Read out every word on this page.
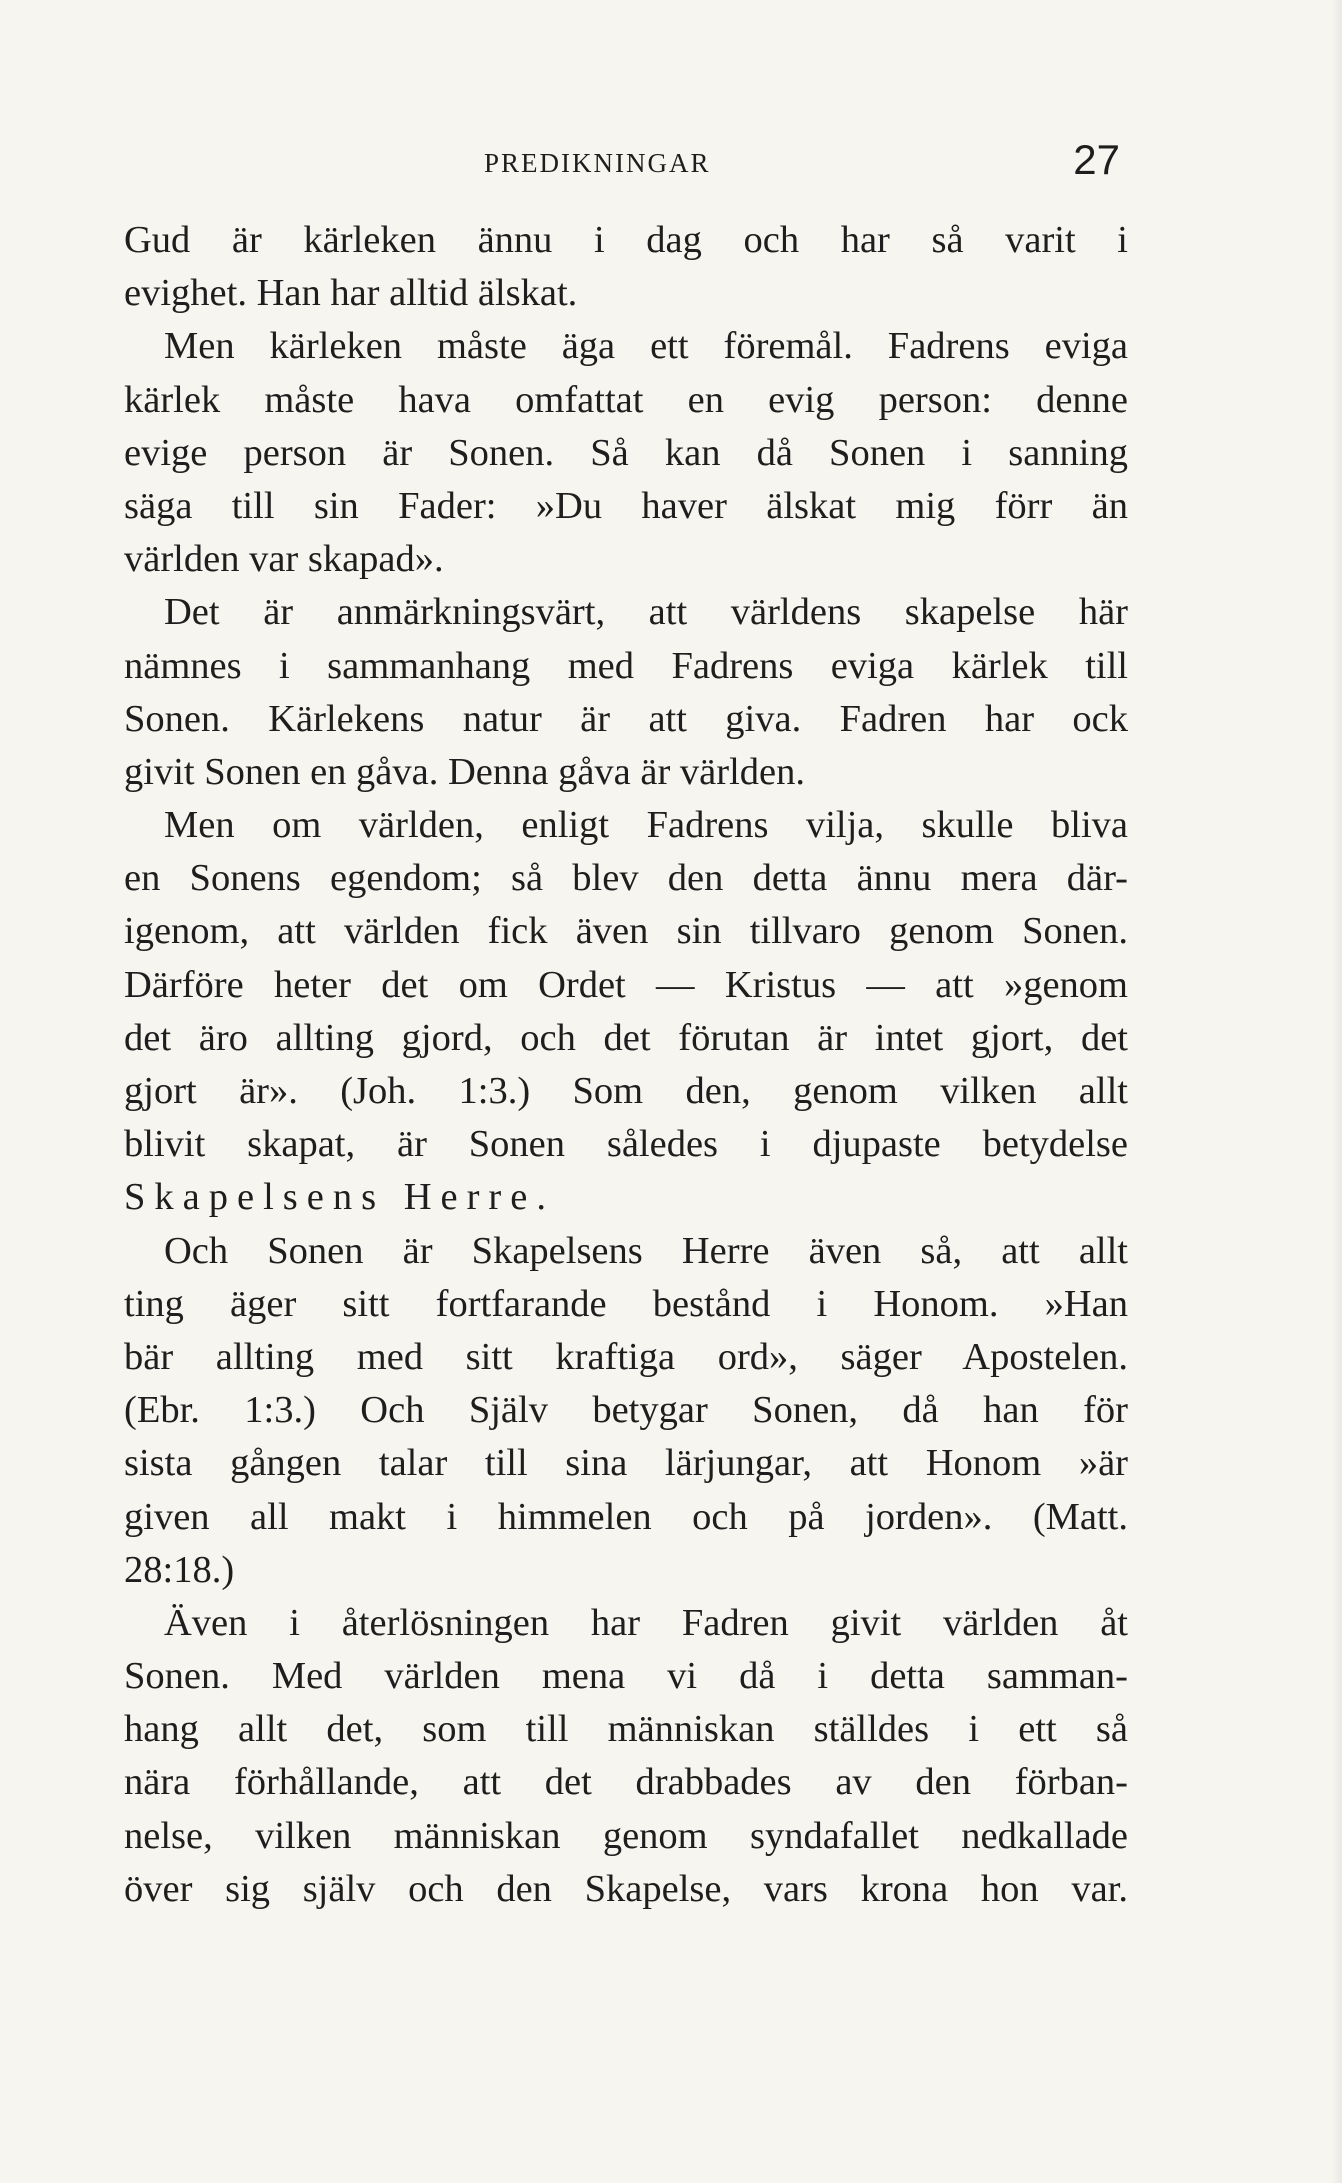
PREDIKNINGAR	27
Gud är kärleken ännu i dag och har så varit i
evighet. Han har alltid älskat.
Men kärleken måste äga ett föremål. Fadrens eviga
kärlek måste hava omfattat en evig person: denne
evige person är Sonen. Så kan då Sonen i sanning
säga till sin Fader: »Du haver älskat mig förr än
världen var skapad».
Det är anmärkningsvärt, att världens skapelse här
nämnes i sammanhang med Fadrens eviga kärlek till
Sonen. Kärlekens natur är att giva. Fadren har ock
givit Sonen en gåva. Denna gåva är världen.
Men om världen, enligt Fadrens vilja, skulle bliva
en Sonens egendom; så blev den detta ännu mera där-
igenom, att världen fick även sin tillvaro genom Sonen.
Därföre heter det om Ordet — Kristus — att »genom
det äro allting gjord, och det förutan är intet gjort, det
gjort är». (Joh. 1:3.) Som den, genom vilken allt
blivit skapat, är Sonen således i djupaste betydelse
Skapelsens Herre.
Och Sonen är Skapelsens Herre även så, att allt
ting äger sitt fortfarande bestånd i Honom. »Han
bär allting med sitt kraftiga ord», säger Apostelen.
(Ebr. 1:3.) Och Själv betygar Sonen, då han för
sista gången talar till sina lärjungar, att Honom »är
given all makt i himmelen och på jorden». (Matt.
28:18.)
Även i återlösningen har Fadren givit världen åt
Sonen. Med världen mena vi då i detta samman-
hang allt det, som till människan ställdes i ett så
nära förhållande, att det drabbades av den förban-
nelse, vilken människan genom syndafallet nedkallade
över sig själv och den Skapelse, vars krona hon var.
